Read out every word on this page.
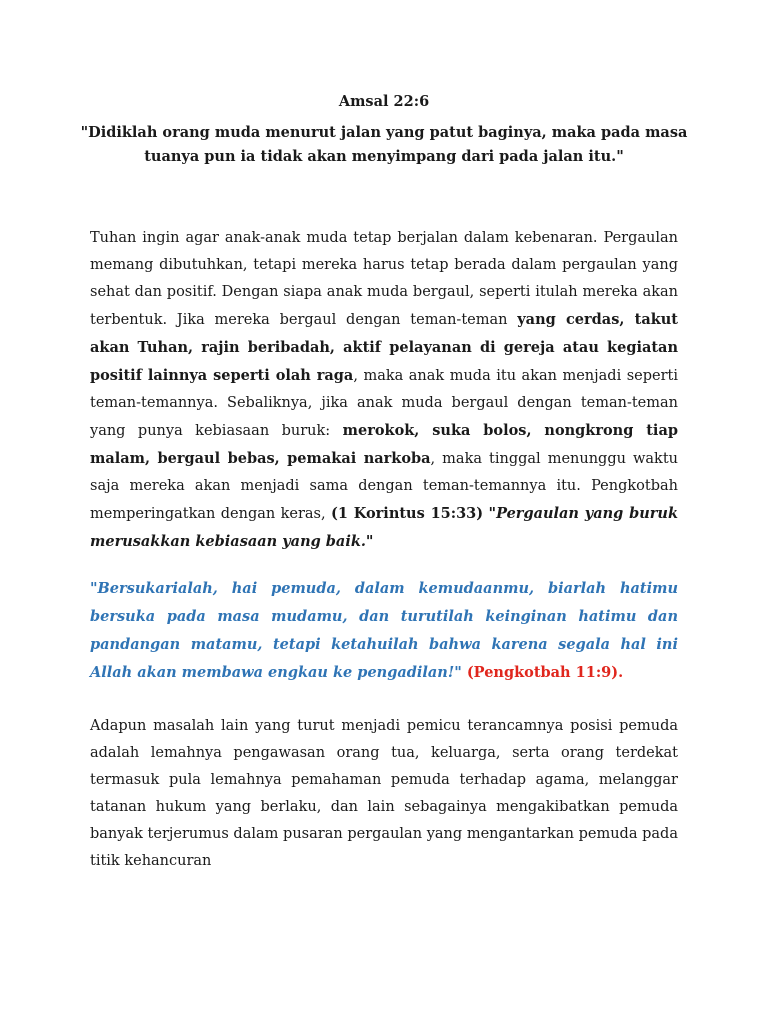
Amsal 22:6
"Didiklah orang muda menurut jalan yang patut baginya, maka pada masa
tuanya pun ia tidak akan menyimpang dari pada jalan itu."
Tuhan ingin agar anak-anak muda tetap berjalan dalam kebenaran. Pergaulan memang dibutuhkan, tetapi mereka harus tetap berada dalam pergaulan yang sehat dan positif. Dengan siapa anak muda bergaul, seperti itulah mereka akan terbentuk. Jika mereka bergaul dengan teman-teman yang cerdas, takut akan Tuhan, rajin beribadah, aktif pelayanan di gereja atau kegiatan positif lainnya seperti olah raga, maka anak muda itu akan menjadi seperti teman-temannya. Sebaliknya, jika anak muda bergaul dengan teman-teman yang punya kebiasaan buruk: merokok, suka bolos, nongkrong tiap malam, bergaul bebas, pemakai narkoba, maka tinggal menunggu waktu saja mereka akan menjadi sama dengan teman-temannya itu. Pengkotbah memperingatkan dengan keras, (1 Korintus 15:33) "Pergaulan yang buruk merusakkan kebiasaan yang baik."
"Bersukarialah, hai pemuda, dalam kemudaanmu, biarlah hatimu bersuka pada masa mudamu, dan turutilah keinginan hatimu dan pandangan matamu, tetapi ketahuilah bahwa karena segala hal ini Allah akan membawa engkau ke pengadilan!" (Pengkotbah 11:9).
Adapun masalah lain yang turut menjadi pemicu terancamnya posisi pemuda adalah lemahnya pengawasan orang tua, keluarga, serta orang terdekat termasuk pula lemahnya pemahaman pemuda terhadap agama, melanggar tatanan hukum yang berlaku, dan lain sebagainya mengakibatkan pemuda banyak terjerumus dalam pusaran pergaulan yang mengantarkan pemuda pada titik kehancuran
